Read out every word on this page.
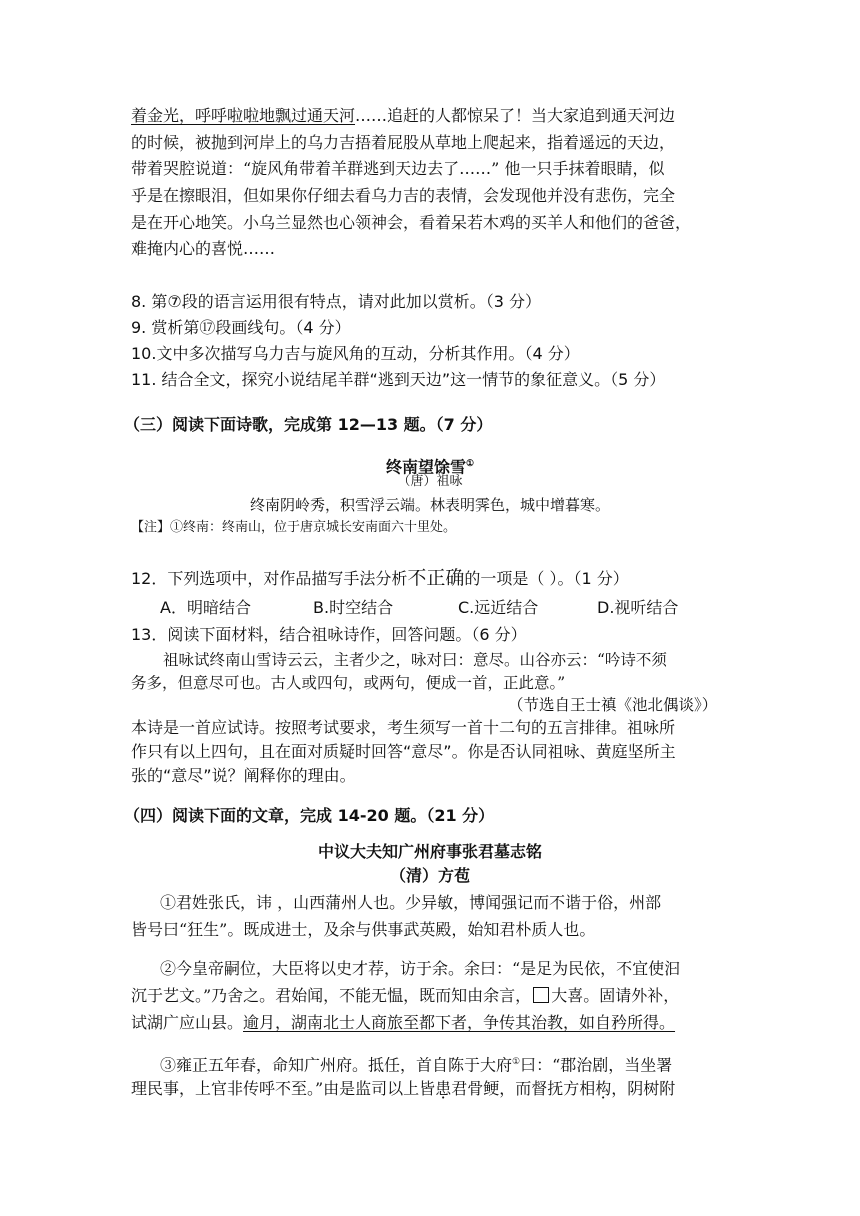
着金光，呼呼啦啦地飘过通天河……追赶的人都惊呆了！当大家追到通天河边
的时候，被抛到河岸上的乌力吉捂着屁股从草地上爬起来，指着遥远的天边，
带着哭腔说道：“旋风角带着羊群逃到天边去了……” 他一只手抹着眼睛，似
乎是在擦眼泪，但如果你仔细去看乌力吉的表情，会发现他并没有悲伤，完全
是在开心地笑。小乌兰显然也心领神会，看着呆若木鸡的买羊人和他们的爸爸，
难掩内心的喜悦……
8. 第⑦段的语言运用很有特点，请对此加以赏析。（3 分）
9. 赏析第⑰段画线句。（4 分）
10.文中多次描写乌力吉与旋风角的互动，分析其作用。（4 分）
11. 结合全文，探究小说结尾羊群“逃到天边”这一情节的象征意义。（5 分）
（三）阅读下面诗歌，完成第 12—13 题。（7 分）
终南望馀雪①
（唐）祖咏
终南阴岭秀，积雪浮云端。林表明霁色，城中增暮寒。
【注】①终南：终南山，位于唐京城长安南面六十里处。
12．下列选项中，对作品描写手法分析不正确的一项是（ ）。（1 分）
A．明暗结合	B.时空结合	C.远近结合	D.视听结合
13．阅读下面材料，结合祖咏诗作，回答问题。（6 分）
祖咏试终南山雪诗云云，主者少之，咏对曰：意尽。山谷亦云：“吟诗不须
务多，但意尽可也。古人或四句，或两句，便成一首，正此意。”
（节选自王士禛《池北偶谈》）
本诗是一首应试诗。按照考试要求，考生须写一首十二句的五言排律。祖咏所
作只有以上四句，且在面对质疑时回答“意尽”。你是否认同祖咏、黄庭坚所主
张的“意尽”说？阐释你的理由。
（四）阅读下面的文章，完成 14-20 题。（21 分）
中议大夫知广州府事张君墓志铭
（清）方苞
①君姓张氏，讳 ，山西蒲州人也。少异敏，博闻强记而不谐于俗，州部
皆号曰“狂生”。既成进士，及余与供事武英殿，始知君朴质人也。
②今皇帝嗣位，大臣将以史才荐，访于余。余曰：“是足为民依，不宜使汩
沉于艺文。”乃舍之。君始闻，不能无愠，既而知由余言， 大喜。固请外补，
试湖广应山县。逾月，湖南北士人商旅至都下者，争传其治教，如自矜所得。
③雍正五年春，命知广州府。抵任，首自陈于大府①曰：“郡治剧，当坐署
理民事，上官非传呼不至。”由是监司以上皆患君骨鲠，而督抚方相构，阴树附
